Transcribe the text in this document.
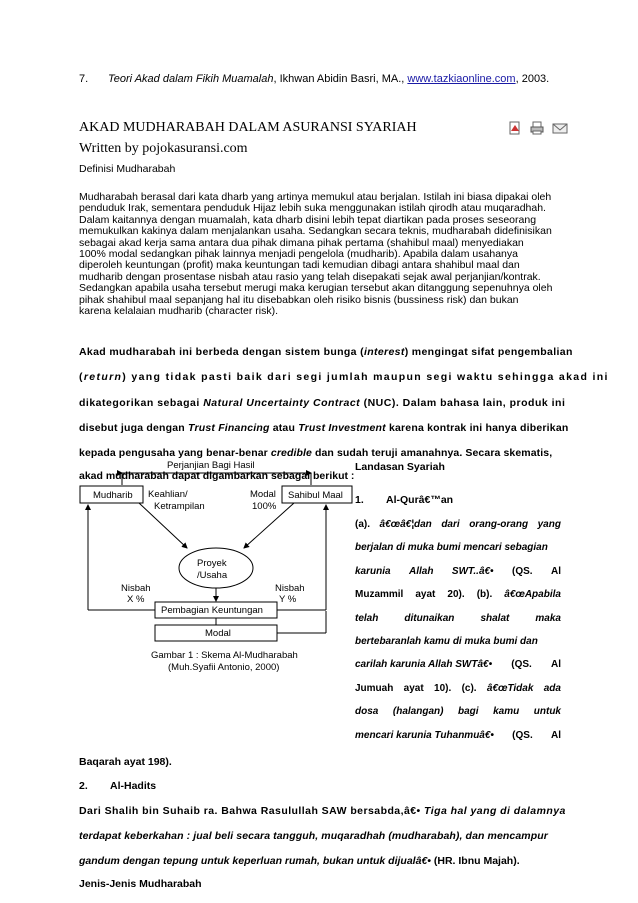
7. Teori Akad dalam Fikih Muamalah, Ikhwan Abidin Basri, MA., www.tazkiaonline.com, 2003.
AKAD MUDHARABAH DALAM ASURANSI SYARIAH
Written by pojokasuransi.com
Definisi Mudharabah
Mudharabah berasal dari kata dharb yang artinya memukul atau berjalan. Istilah ini biasa dipakai oleh
penduduk Irak, sementara penduduk Hijaz lebih suka menggunakan istilah qirodh atau muqaradhah.
Dalam kaitannya dengan muamalah, kata dharb disini lebih tepat diartikan pada proses seseorang
memukulkan kakinya dalam menjalankan usaha. Sedangkan secara teknis, mudharabah didefinisikan
sebagai akad kerja sama antara dua pihak dimana pihak pertama (shahibul maal) menyediakan
100% modal sedangkan pihak lainnya menjadi pengelola (mudharib). Apabila dalam usahanya
diperoleh keuntungan (profit) maka keuntungan tadi kemudian dibagi antara shahibul maal dan
mudharib dengan prosentase nisbah atau rasio yang telah disepakati sejak awal perjanjian/kontrak.
Sedangkan apabila usaha tersebut merugi maka kerugian tersebut akan ditanggung sepenuhnya oleh
pihak shahibul maal sepanjang hal itu disebabkan oleh risiko bisnis (bussiness risk) dan bukan
karena kelalaian mudharib (character risk).
Akad mudharabah ini berbeda dengan sistem bunga (interest) mengingat sifat pengembalian
(return) yang tidak pasti baik dari segi jumlah maupun segi waktu sehingga akad ini
dikategorikan sebagai Natural Uncertainty Contract (NUC). Dalam bahasa lain, produk ini
disebut juga dengan Trust Financing atau Trust Investment karena kontrak ini hanya diberikan
kepada pengusaha yang benar-benar credible dan sudah teruji amanahnya. Secara skematis,
akad mudharabah dapat digambarkan sebagai berikut :
Perjanjian Bagi Hasil
Mudharib	Sahibul Maal
Keahlian/
Ketrampilan
Modal
100%
Proyek
/Usaha
Pembagian Keuntungan
Nisbah
X %
Nisbah
Y %
Modal
Gambar 1 : Skema Al-Mudharabah
(Muh.Syafii Antonio, 2000)
Landasan Syariah
1. Al-Qurâ€™an
(a). â€œâ€¦dan dari orang-orang yang
berjalan di muka bumi mencari sebagian
karunia Allah SWT..â€• (QS. Al
Muzammil ayat 20). (b). â€œApabila
telah	ditunaikan	shalat	maka
bertebaranlah kamu di muka bumi dan
carilah karunia Allah SWTâ€• (QS. Al
Jumuah ayat 10). (c). â€œTidak ada
dosa (halangan) bagi kamu untuk
mencari karunia Tuhanmuâ€• (QS. Al
Baqarah ayat 198).
2. Al-Hadits
Dari Shalih bin Suhaib ra. Bahwa Rasulullah SAW bersabda,â€• Tiga hal yang di dalamnya
terdapat keberkahan : jual beli secara tangguh, muqaradhah (mudharabah), dan mencampur
gandum dengan tepung untuk keperluan rumah, bukan untuk dijualâ€• (HR. Ibnu Majah).
Jenis-Jenis Mudharabah
